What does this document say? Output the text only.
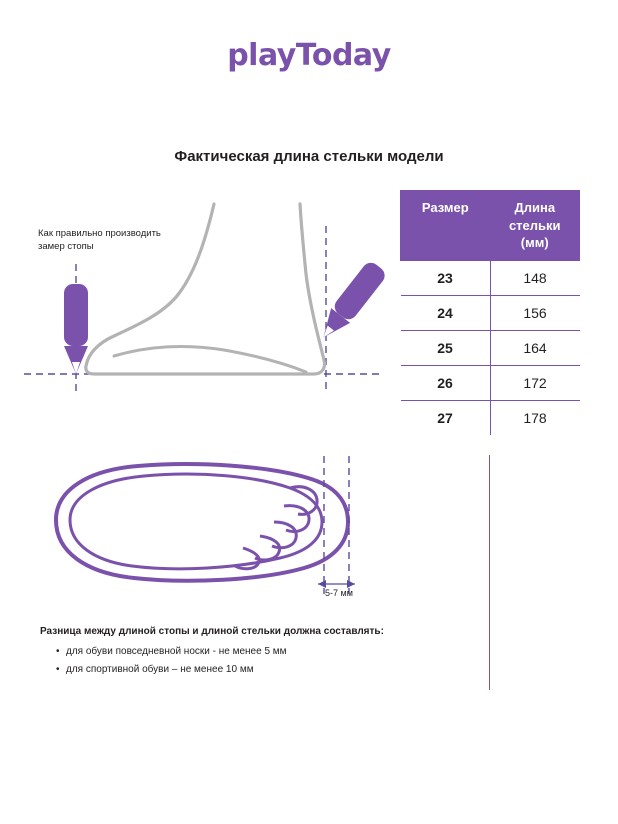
playToday
Фактическая длина стельки модели
Как правильно производить
замер стопы
5-7 мм
Размер	Длина
стельки
(мм)
23	148
24	156
25	164
26	172
27	178
Разница между длиной стопы и длиной стельки должна составлять:
• для обуви повседневной носки - не менее 5 мм
• для спортивной обуви – не менее 10 мм
